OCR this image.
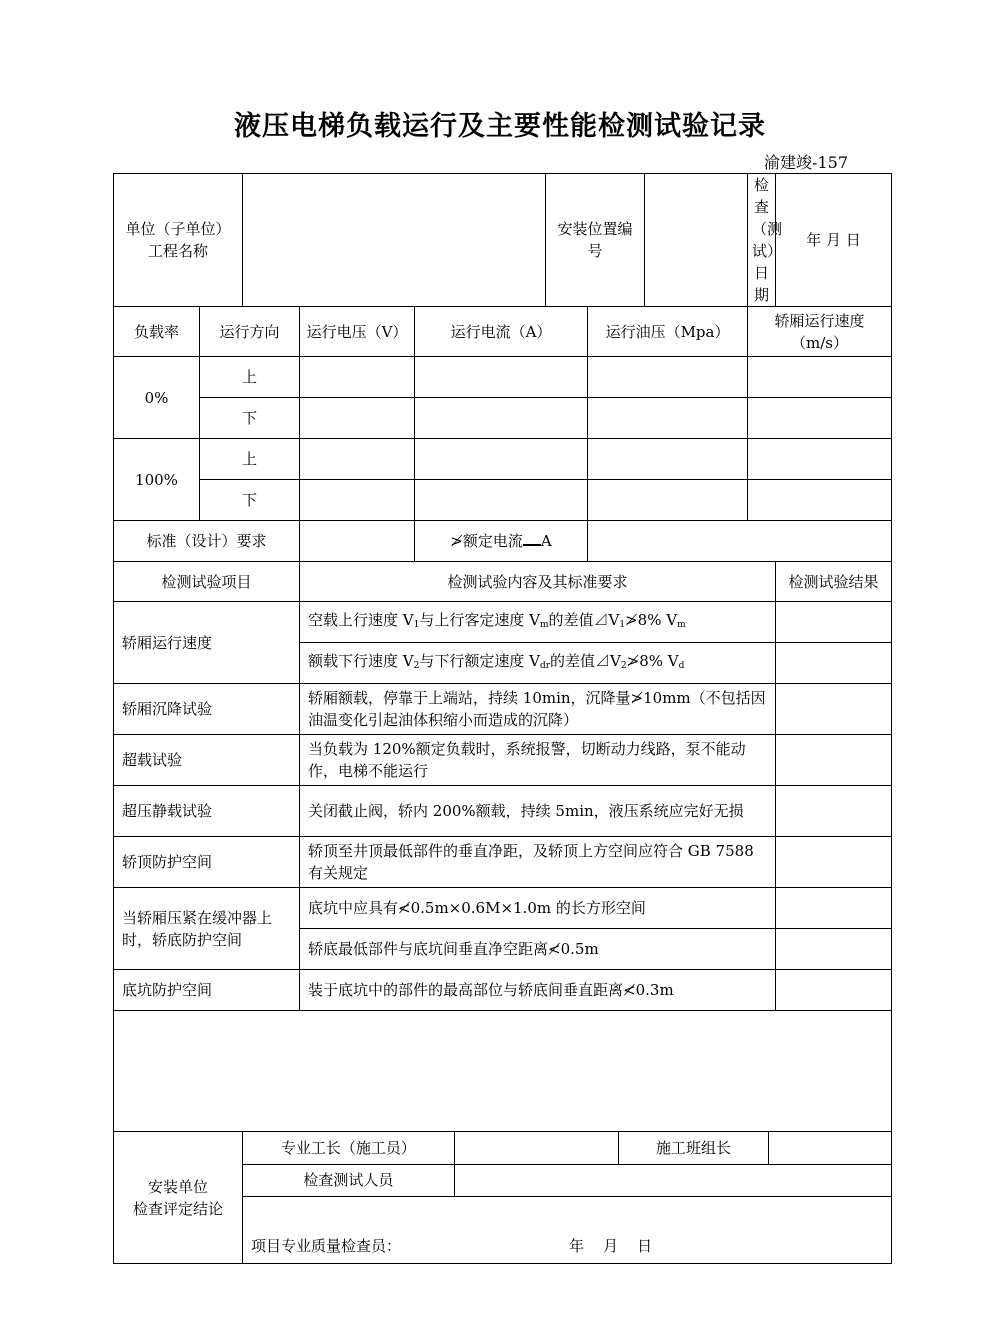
液压电梯负载运行及主要性能检测试验记录
渝建竣-157
单位（子单位）工程名称		安装位置编号		检查（测试）日期	年 月 日
负载率	运行方向	运行电压（V）	运行电流（A）	运行油压（Mpa）	轿厢运行速度（m/s）
0%	上				
下				
100%	上				
下				
标准（设计）要求		≯额定电流 A	
检测试验项目	检测试验内容及其标准要求	检测试验结果
轿厢运行速度	空载上行速度 $V_1$与上行客定速度 $V_m$的差值$⊿V_1≯8\%$ $V_m$	
额载下行速度 $V_2$与下行额定速度 $V_{dr}$的差值$⊿V_2≯8\%$ $V_d$	
轿厢沉降试验	轿厢额载，停靠于上端站，持续 10min，沉降量≯10mm（不包括因油温变化引起油体积缩小而造成的沉降）	
超载试验	当负载为 120%额定负载时，系统报警，切断动力线路，泵不能动作，电梯不能运行	
超压静载试验	关闭截止阀，轿内 200%额载，持续 5min，液压系统应完好无损	
轿顶防护空间	轿顶至井顶最低部件的垂直净距，及轿顶上方空间应符合 GB 7588 有关规定	
当轿厢压紧在缓冲器上时，轿底防护空间	底坑中应具有≮0.5m×0.6M×1.0m 的长方形空间	
轿底最低部件与底坑间垂直净空距离≮0.5m	
底坑防护空间	装于底坑中的部件的最高部位与轿底间垂直距离≮0.3m	

安装单位
检查评定结论

专业工长（施工员）		施工班组长	
检查测试人员	
项目专业质量检查员：	年    月    日
